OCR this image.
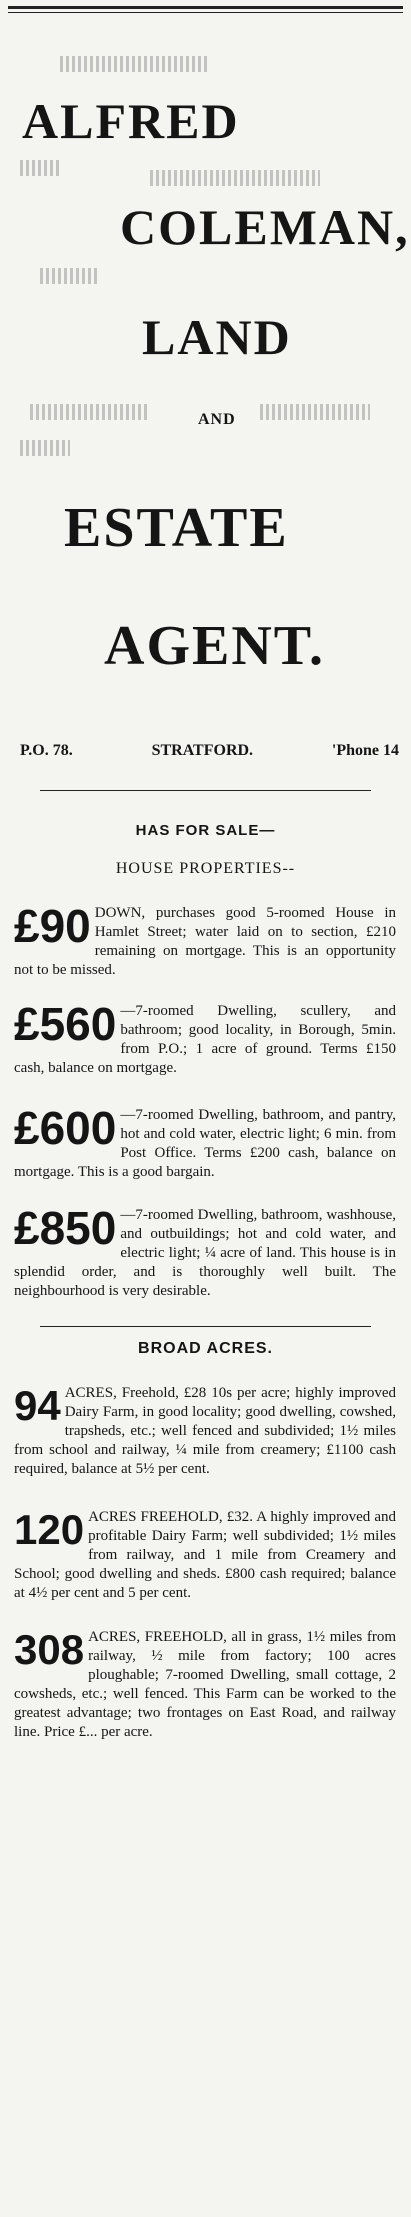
ALFRED
COLEMAN,
LAND
AND
ESTATE
AGENT.
P.O. 78.	STRATFORD.	'Phone 14
HAS FOR SALE—
HOUSE PROPERTIES--
£90 DOWN, purchases good 5-roomed House in Hamlet Street; water laid on to section, £210 remaining on mortgage. This is an opportunity not to be missed.
£560 —7-roomed Dwelling, scullery, and bathroom; good locality, in Borough, 5min. from P.O.; 1 acre of ground. Terms £150 cash, balance on mortgage.
£600 —7-roomed Dwelling, bathroom, and pantry, hot and cold water, electric light; 6 min. from Post Office. Terms £200 cash, balance on mortgage. This is a good bargain.
£850 —7-roomed Dwelling, bathroom, washhouse, and outbuildings; hot and cold water, and electric light; ¼ acre of land. This house is in splendid order, and is thoroughly well built. The neighbourhood is very desirable.
BROAD ACRES.
94 ACRES, Freehold, £28 10s per acre; highly improved Dairy Farm, in good locality; good dwelling, cowshed, trapsheds, etc.; well fenced and subdivided; 1½ miles from school and railway, ¼ mile from creamery; £1100 cash required, balance at 5½ per cent.
120 ACRES FREEHOLD, £32. A highly improved and profitable Dairy Farm; well subdivided; 1½ miles from railway, and 1 mile from Creamery and School; good dwelling and sheds. £800 cash required; balance at 4½ per cent and 5 per cent.
308 ACRES, FREEHOLD, all in grass, 1½ miles from railway, ½ mile from factory; 100 acres ploughable; 7-roomed Dwelling, small cottage, 2 cowsheds, etc.; well fenced. This Farm can be worked to the greatest advantage; two frontages on East Road, and railway line. Price £... per acre.
